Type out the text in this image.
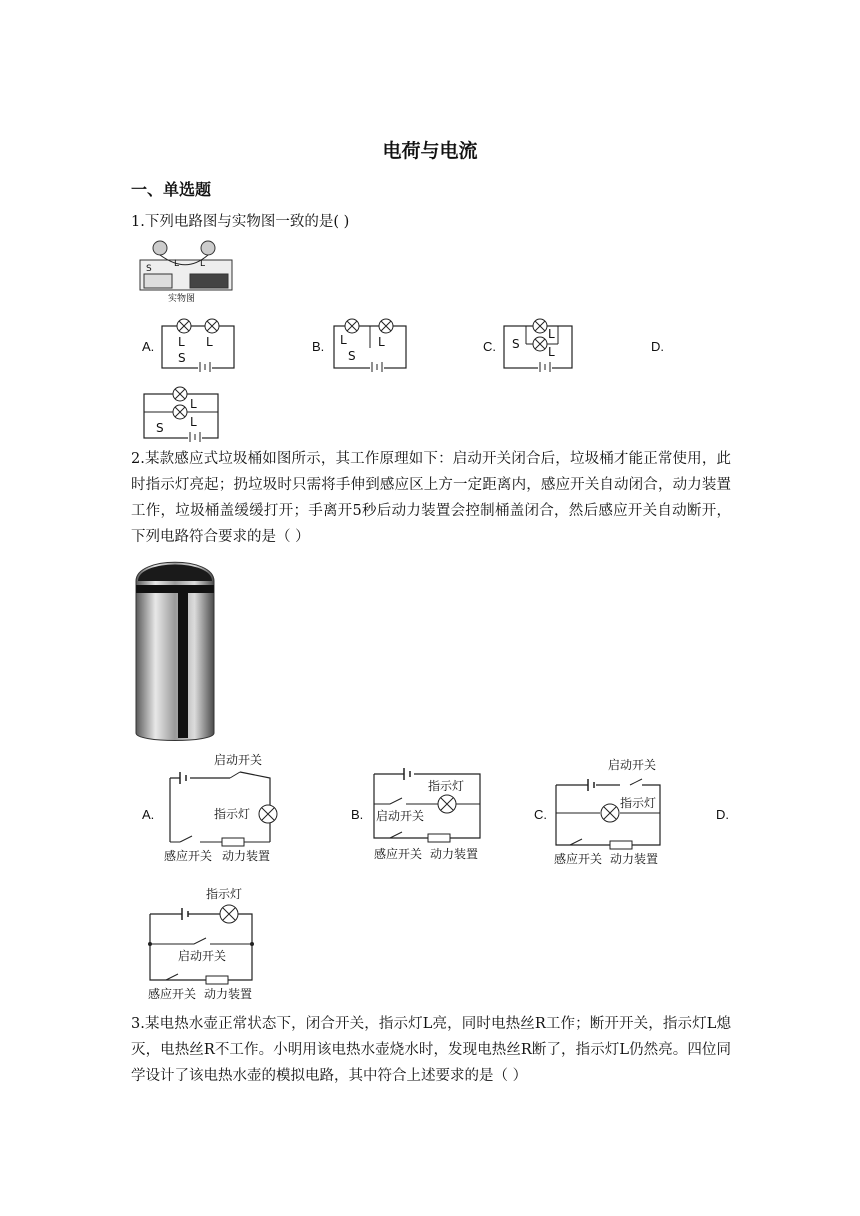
电荷与电流
一、单选题
1.下列电路图与实物图一致的是( )
S L L
实物图
A.	B.	C.	D.
L L
S
L	L
S
L
L
S
L
L
S
2.某款感应式垃圾桶如图所示，其工作原理如下：启动开关闭合后，垃圾桶才能正常使用，此时指示灯亮起；扔垃圾时只需将手伸到感应区上方一定距离内，感应开关自动闭合，动力装置工作，垃圾桶盖缓缓打开；手离开5秒后动力装置会控制桶盖闭合，然后感应开关自动断开，下列电路符合要求的是（ ）
A.	B.	C.	D.
启动开关
指示灯
感应开关 动力装置
指示灯
启动开关
感应开关 动力装置
启动开关
指示灯
感应开关 动力装置
指示灯
启动开关
感应开关 动力装置
3.某电热水壶正常状态下，闭合开关，指示灯L亮，同时电热丝R工作；断开开关，指示灯L熄灭，电热丝R不工作。小明用该电热水壶烧水时，发现电热丝R断了，指示灯L仍然亮。四位同学设计了该电热水壶的模拟电路，其中符合上述要求的是（ ）
